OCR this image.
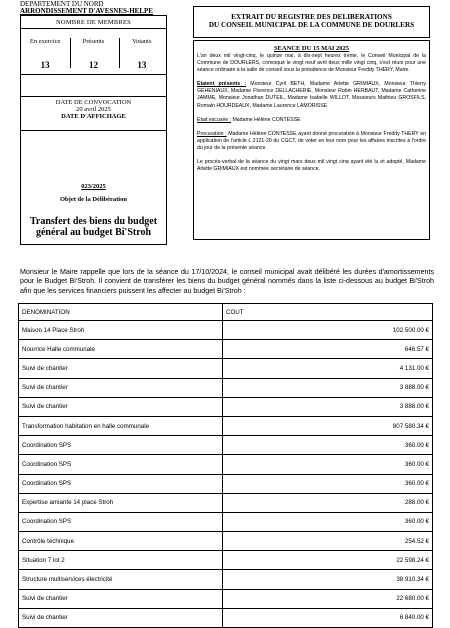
DEPARTEMENT DU NORD
ARRONDISSEMENT D'AVESNES-HELPE
NOMBRE DE MEMBRES
En exercice	Présents	Votants
13	12	13
DATE DE CONVOCATION
20 avril 2025
DATE D'AFFICHAGE
023/2025
Objet de la Délibération
Transfert des biens du budget
général au budget Bi'Stroh
EXTRAIT DU REGISTRE DES DELIBERATIONS
DU CONSEIL MUNICIPAL DE LA COMMUNE DE DOURLERS
SEANCE DU 15 MAI 2025

L'an deux mil vingt-cinq, le quinze mai, à dix-sept heures trente, le Conseil Municipal de la Commune de DOURLERS, convoqué le vingt neuf avril deux mille vingt cinq, s'est réuni pour une séance ordinaire à la salle de conseil sous la présidence de Monsieur Freddy THERY, Maire.

Etaient présents : Monsieur Cyril BETH, Madame Arlette GRIMIAUX, Monsieur Thierry GEHENIAUX, Madame Florence DELLACHERIE, Monsieur Robin HERBAUT, Madame Catherine JAMME, Monsieur Jonathan DUTEIL, Madame Isabelle WILLOT, Messieurs Mathieu GROSFILS, Romain HOURDEAUX, Madame Laurence LAMORISSE

Etait excusée : Madame Hélène CONTESSE

Procuration : Madame Hélène CONTESSE ayant donné procuration à Monsieur Freddy THERY en application de l'article L.2121-20 du CGCT, de voter en leur nom pour les affaires inscrites à l'ordre du jour de la présente séance.

Le procès-verbal de la séance du vingt mars deux mil vingt cinq ayant été lu et adopté, Madame Arlette GRIMIAUX est nommée secrétaire de séance.

Monsieur le Maire rappelle que lors de la séance du 17/10/2024, le conseil municipal avait délibéré les durées d'amortissements pour le Budget Bi'Stroh. Il convient de transférer les biens du budget général nommés dans la liste ci-dessous au budget Bi'Stroh afin que les services financiers puissent les affecter au budget Bi'Stroh :
DENOMINATION	COUT
Maison 14 Place Stroh	102 500.00 €
Nourrice Halle communale	646.57 €
Suivi de chantier	4 131.00 €
Suivi de chantier	3 888.00 €
Suivi de chantier	3 888.00 €
Transformation habitation en halle communale	807 580.34 €
Coordination SPS	360.00 €
Coordination SPS	360.00 €
Coordination SPS	360.00 €
Expertise amiante 14 place Stroh	288.00 €
Coordination SPS	360.00 €
Contrôle technique	254.52 €
Situation 7 lot 2	22 598.24 €
Structure multiservices électricité	38 910.34 €
Suivi de chantier	22 680.00 €
Suivi de chantier	6 840.00 €
